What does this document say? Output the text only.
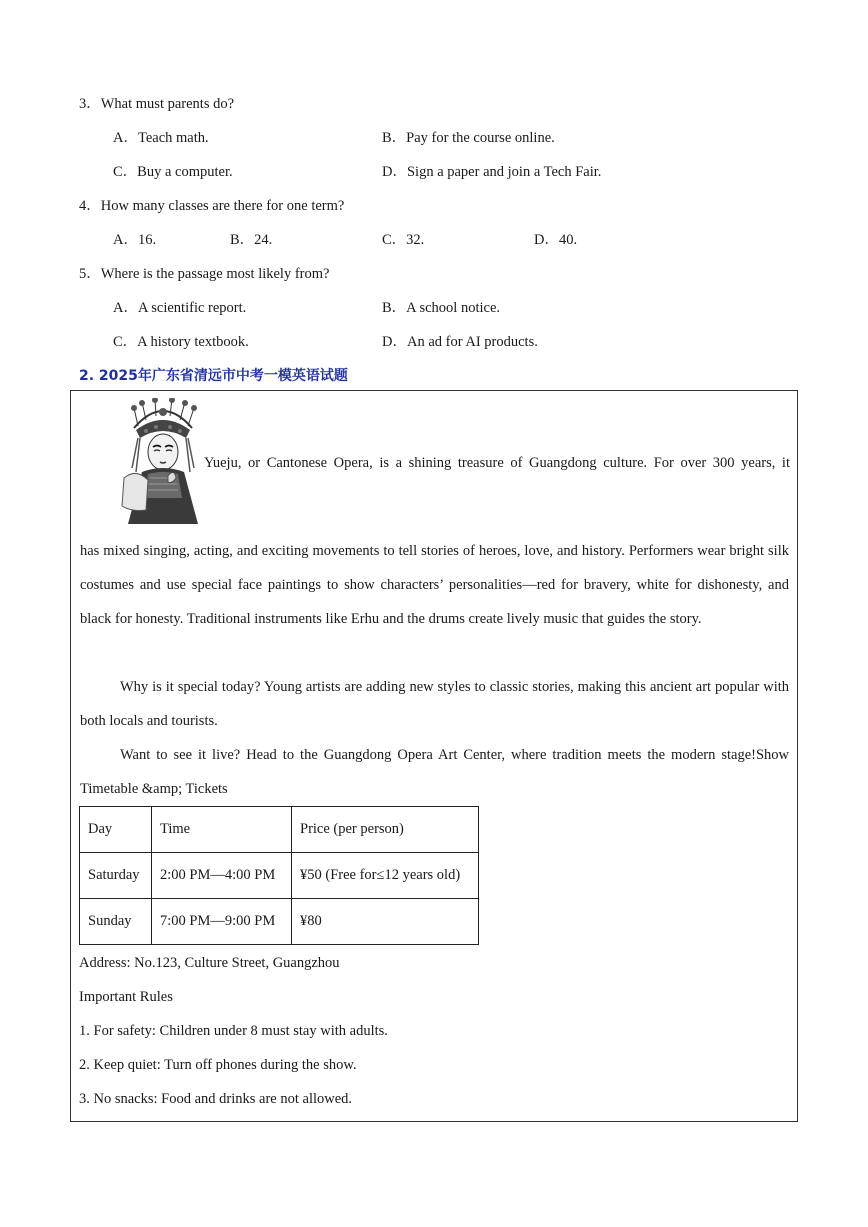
3．What must parents do?
A．Teach math.	B．Pay for the course online.
C．Buy a computer.	D．Sign a paper and join a Tech Fair.
4．How many classes are there for one term?
A．16.	B．24.	C．32.	D．40.
5．Where is the passage most likely from?
A．A scientific report.	B．A school notice.
C．A history textbook.	D．An ad for AI products.
2. 2025年广东省清远市中考一模英语试题
Yueju, or Cantonese Opera, is a shining treasure of Guangdong culture. For over 300 years, it
has mixed singing, acting, and exciting movements to tell stories of heroes, love, and history. Performers wear bright silk costumes and use special face paintings to show characters’ personalities—red for bravery, white for dishonesty, and black for honesty. Traditional instruments like Erhu and the drums create lively music that guides the story.
Why is it special today? Young artists are adding new styles to classic stories, making this ancient art popular with both locals and tourists.
Want to see it live? Head to the Guangdong Opera Art Center, where tradition meets the modern stage!Show Timetable &amp; Tickets
Day	Time	Price (per person)
Saturday	2:00 PM—4:00 PM	¥50 (Free for≤12 years old)
Sunday	7:00 PM—9:00 PM	¥80
Address: No.123, Culture Street, Guangzhou
Important Rules
1. For safety: Children under 8 must stay with adults.
2. Keep quiet: Turn off phones during the show.
3. No snacks: Food and drinks are not allowed.
